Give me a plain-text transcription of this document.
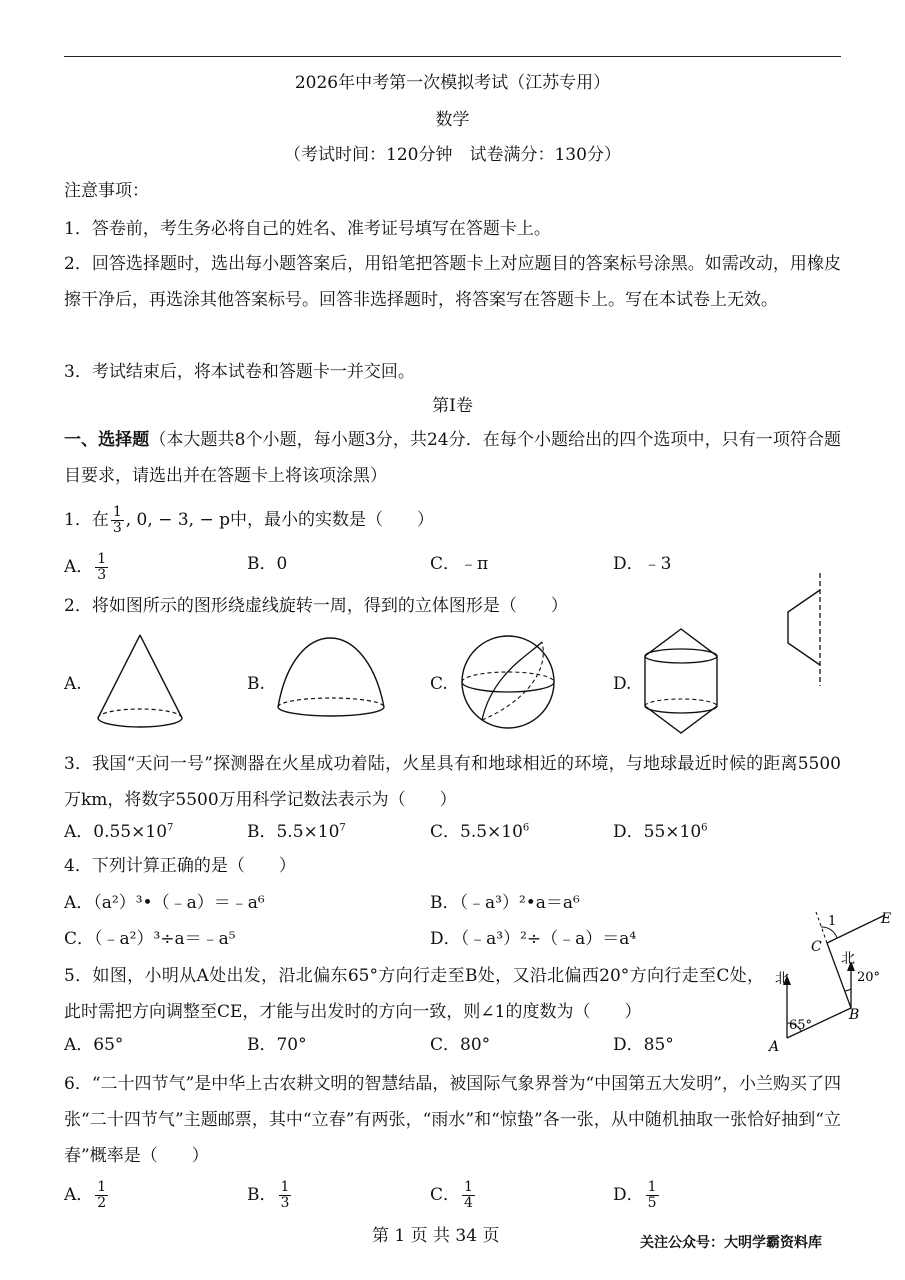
2026年中考第一次模拟考试（江苏专用）
数学
（考试时间：120分钟　试卷满分：130分）
注意事项：
1．答卷前，考生务必将自己的姓名、准考证号填写在答题卡上。
2．回答选择题时，选出每小题答案后，用铅笔把答题卡上对应题目的答案标号涂黑。如需改动，用橡皮擦干净后，再选涂其他答案标号。回答非选择题时，将答案写在答题卡上。写在本试卷上无效。
3．考试结束后，将本试卷和答题卡一并交回。
第Ⅰ卷
一、选择题（本大题共8个小题，每小题3分，共24分．在每个小题给出的四个选项中，只有一项符合题目要求，请选出并在答题卡上将该项涂黑）
1．在 $\frac{1}{3}$ , 0, − 3, − p中，最小的实数是（　　）
A． $\frac{1}{3}$	B．0	C．﹣π	D．﹣3
2．将如图所示的图形绕虚线旋转一周，得到的立体图形是（　　）
A.	B.	C.	D.
3．我国“天问一号”探测器在火星成功着陆，火星具有和地球相近的环境，与地球最近时候的距离5500万km，将数字5500万用科学记数法表示为（　　）
A．$0.55\times 10^7$	B．$5.5\times 10^7$	C．$5.5\times 10^6$	D．$55\times 10^6$
4．下列计算正确的是（　　）
A．（a²）³•（﹣a）＝﹣a⁶	B．（﹣a³）²•a＝a⁶
C．（﹣a²）³÷a＝﹣a⁵	D．（﹣a³）²÷（﹣a）＝a⁴
5．如图，小明从A处出发，沿北偏东65°方向行走至B处，又沿北偏西20°方向行走至C处，此时需把方向调整至CE，才能与出发时的方向一致，则∠1的度数为（　　）
A．65°	B．70°	C．80°	D．85°
北
北
65°
20°
1
A
B
C
E
6．“二十四节气”是中华上古农耕文明的智慧结晶，被国际气象界誉为“中国第五大发明”，小兰购买了四张“二十四节气”主题邮票，其中“立春”有两张，“雨水”和“惊蛰”各一张，从中随机抽取一张恰好抽到“立春”概率是（　　）
A． $\frac{1}{2}$	B． $\frac{1}{3}$	C． $\frac{1}{4}$	D． $\frac{1}{5}$
第 1 页 共 34 页	关注公众号：大明学霸资料库
